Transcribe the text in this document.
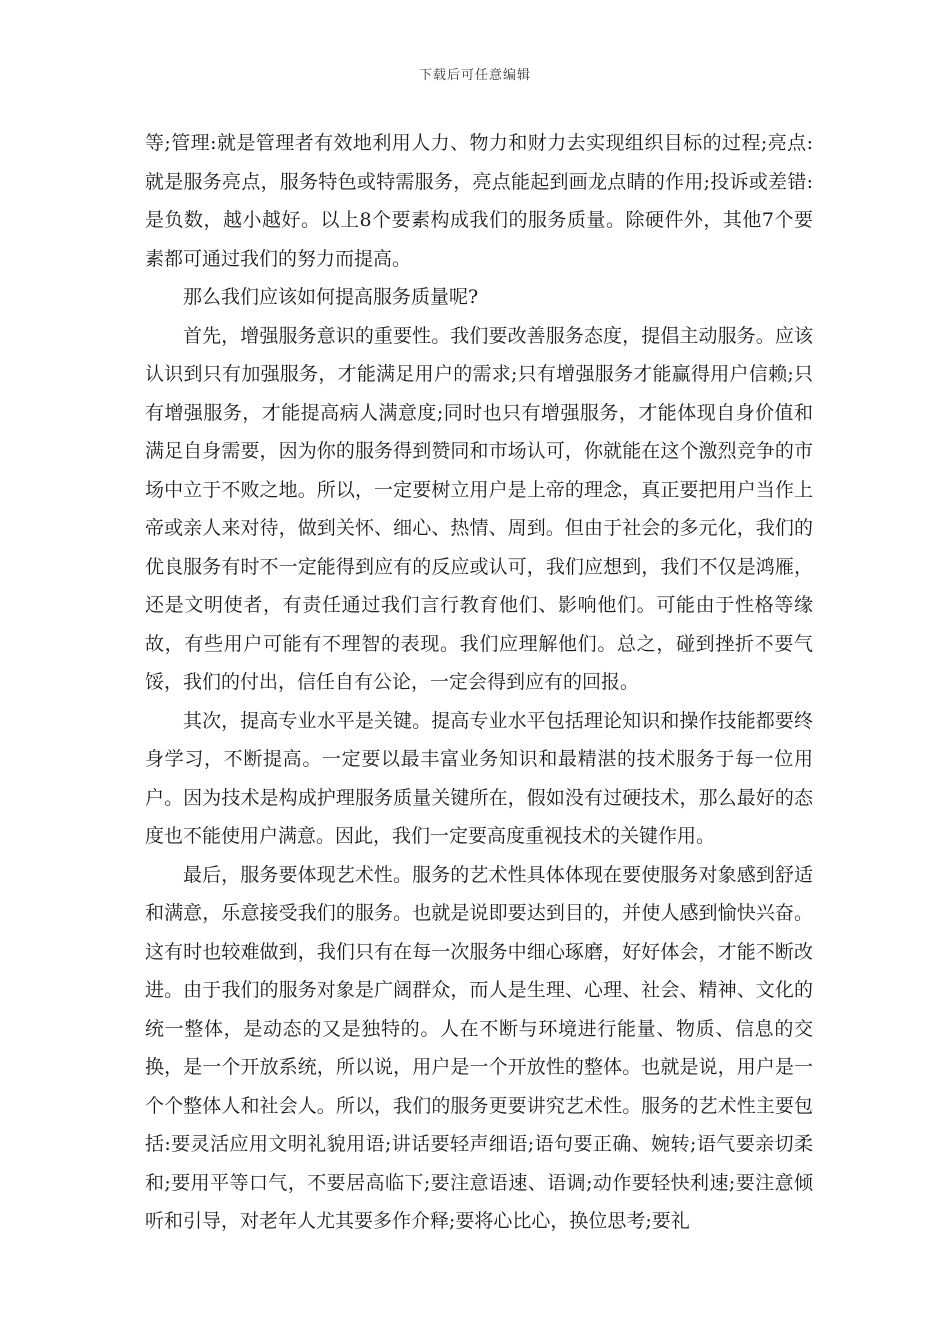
下载后可任意编辑

等;管理:就是管理者有效地利用人力、物力和财力去实现组织目标的过程;亮点:就是服务亮点，服务特色或特需服务，亮点能起到画龙点睛的作用;投诉或差错:是负数，越小越好。以上8个要素构成我们的服务质量。除硬件外，其他7个要素都可通过我们的努力而提高。

那么我们应该如何提高服务质量呢?

首先，增强服务意识的重要性。我们要改善服务态度，提倡主动服务。应该认识到只有加强服务，才能满足用户的需求;只有增强服务才能赢得用户信赖;只有增强服务，才能提高病人满意度;同时也只有增强服务，才能体现自身价值和满足自身需要，因为你的服务得到赞同和市场认可，你就能在这个激烈竞争的市场中立于不败之地。所以，一定要树立用户是上帝的理念，真正要把用户当作上帝或亲人来对待，做到关怀、细心、热情、周到。但由于社会的多元化，我们的优良服务有时不一定能得到应有的反应或认可，我们应想到，我们不仅是鸿雁，还是文明使者，有责任通过我们言行教育他们、影响他们。可能由于性格等缘故，有些用户可能有不理智的表现。我们应理解他们。总之，碰到挫折不要气馁，我们的付出，信任自有公论，一定会得到应有的回报。

其次，提高专业水平是关键。提高专业水平包括理论知识和操作技能都要终身学习，不断提高。一定要以最丰富业务知识和最精湛的技术服务于每一位用户。因为技术是构成护理服务质量关键所在，假如没有过硬技术，那么最好的态度也不能使用户满意。因此，我们一定要高度重视技术的关键作用。

最后，服务要体现艺术性。服务的艺术性具体体现在要使服务对象感到舒适和满意，乐意接受我们的服务。也就是说即要达到目的，并使人感到愉快兴奋。这有时也较难做到，我们只有在每一次服务中细心琢磨，好好体会，才能不断改进。由于我们的服务对象是广阔群众，而人是生理、心理、社会、精神、文化的统一整体，是动态的又是独特的。人在不断与环境进行能量、物质、信息的交换，是一个开放系统，所以说，用户是一个开放性的整体。也就是说，用户是一个个整体人和社会人。所以，我们的服务更要讲究艺术性。服务的艺术性主要包括:要灵活应用文明礼貌用语;讲话要轻声细语;语句要正确、婉转;语气要亲切柔和;要用平等口气，不要居高临下;要注意语速、语调;动作要轻快利速;要注意倾听和引导，对老年人尤其要多作介释;要将心比心，换位思考;要礼
